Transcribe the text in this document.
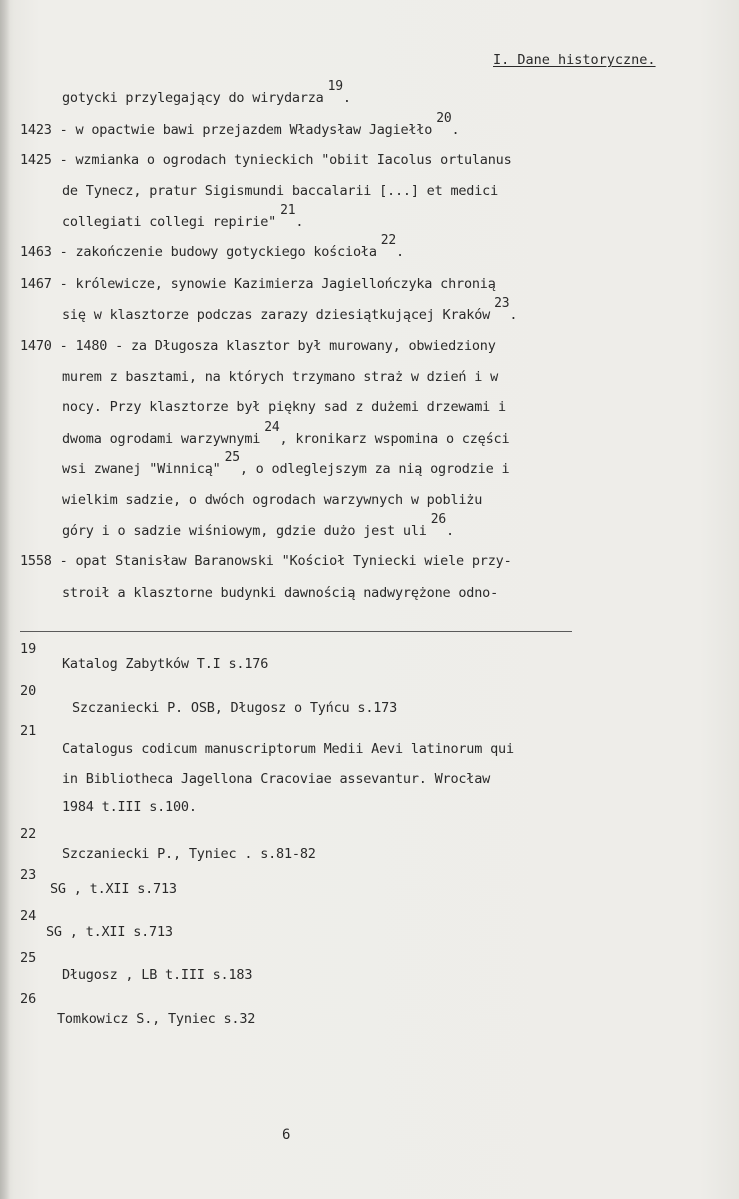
I. Dane historyczne.
gotycki przylegający do wirydarza19.
1423 - w opactwie bawi przejazdem Władysław Jagiełło20.
1425 - wzmianka o ogrodach tynieckich "obiit Iacolus ortulanus
de Tynecz, pratur Sigismundi baccalarii [...] et medici
collegiati collegi repirie"21.
1463 - zakończenie budowy gotyckiego kościoła22.
1467 - królewicze, synowie Kazimierza Jagiellończyka chronią
się w klasztorze podczas zarazy dziesiątkującej Kraków23.
1470 - 1480 - za Długosza klasztor był murowany, obwiedziony
murem z basztami, na których trzymano straż w dzień i w
nocy. Przy klasztorze był piękny sad z dużemi drzewami i
dwoma ogrodami warzywnymi24, kronikarz wspomina o części
wsi zwanej "Winnicą"25, o odleglejszym za nią ogrodzie i
wielkim sadzie, o dwóch ogrodach warzywnych w pobliżu
góry i o sadzie wiśniowym, gdzie dużo jest uli26.
1558 - opat Stanisław Baranowski "Kościoł Tyniecki wiele przy-
stroił a klasztorne budynki dawnością nadwyrężone odno-
19
Katalog Zabytków T.I s.176
20
Szczaniecki P. OSB, Długosz o Tyńcu s.173
21
Catalogus codicum manuscriptorum Medii Aevi latinorum qui
in Bibliotheca Jagellona Cracoviae assevantur. Wrocław
1984 t.III s.100.
22
Szczaniecki P., Tyniec . s.81-82
23
SG , t.XII s.713
24
SG , t.XII s.713
25
Długosz , LB t.III s.183
26
Tomkowicz S., Tyniec s.32
6
